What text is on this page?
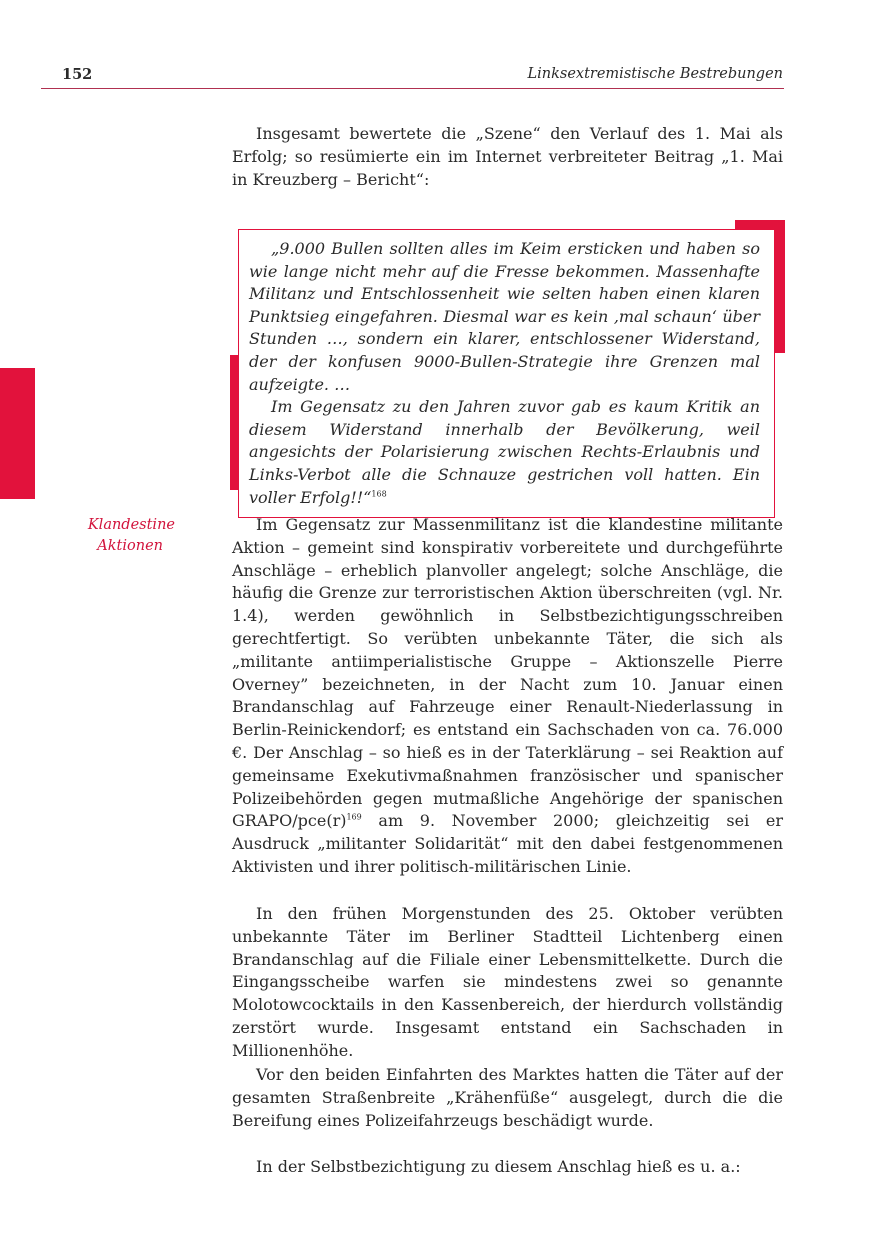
152	Linksextremistische Bestrebungen

Insgesamt bewertete die „Szene“ den Verlauf des 1. Mai als Erfolg; so resümierte ein im Internet verbreiteter Beitrag „1. Mai in Kreuzberg – Bericht“:

„9.000 Bullen sollten alles im Keim ersticken und haben so wie lange nicht mehr auf die Fresse bekommen. Massenhafte Militanz und Entschlossenheit wie selten haben einen klaren Punktsieg eingefahren. Diesmal war es kein ‚mal schaun‘ über Stunden …, sondern ein klarer, entschlossener Widerstand, der der konfusen 9000-Bullen-Strategie ihre Grenzen mal aufzeigte. …

Im Gegensatz zu den Jahren zuvor gab es kaum Kritik an diesem Widerstand innerhalb der Bevölkerung, weil angesichts der Polarisierung zwischen Rechts-Erlaubnis und Links-Verbot alle die Schnauze gestrichen voll hatten. Ein voller Erfolg!!“$^{168}$

Klandestine
Aktionen

Im Gegensatz zur Massenmilitanz ist die klandestine militante Aktion – gemeint sind konspirativ vorbereitete und durchgeführte Anschläge – erheblich planvoller angelegt; solche Anschläge, die häufig die Grenze zur terroristischen Aktion überschreiten (vgl. Nr. 1.4), werden gewöhnlich in Selbstbezichtigungsschreiben gerechtfertigt. So verübten unbekannte Täter, die sich als „militante antiimperialistische Gruppe – Aktionszelle Pierre Overney” bezeichneten, in der Nacht zum 10. Januar einen Brandanschlag auf Fahrzeuge einer Renault-Niederlassung in Berlin-Reinickendorf; es entstand ein Sachschaden von ca. 76.000 €. Der Anschlag – so hieß es in der Taterklärung – sei Reaktion auf gemeinsame Exekutivmaßnahmen französischer und spanischer Polizeibehörden gegen mutmaßliche Angehörige der spanischen GRAPO/$pce(r)^{169}$ am 9. November 2000; gleichzeitig sei er Ausdruck „militanter Solidarität“ mit den dabei festgenommenen Aktivisten und ihrer politisch-militärischen Linie.

In den frühen Morgenstunden des 25. Oktober verübten unbekannte Täter im Berliner Stadtteil Lichtenberg einen Brandanschlag auf die Filiale einer Lebensmittelkette. Durch die Eingangsscheibe warfen sie mindestens zwei so genannte Molotowcocktails in den Kassenbereich, der hierdurch vollständig zerstört wurde. Insgesamt entstand ein Sachschaden in Millionenhöhe.

Vor den beiden Einfahrten des Marktes hatten die Täter auf der gesamten Straßenbreite „Krähenfüße“ ausgelegt, durch die die Bereifung eines Polizeifahrzeugs beschädigt wurde.

In der Selbstbezichtigung zu diesem Anschlag hieß es u. a.:
